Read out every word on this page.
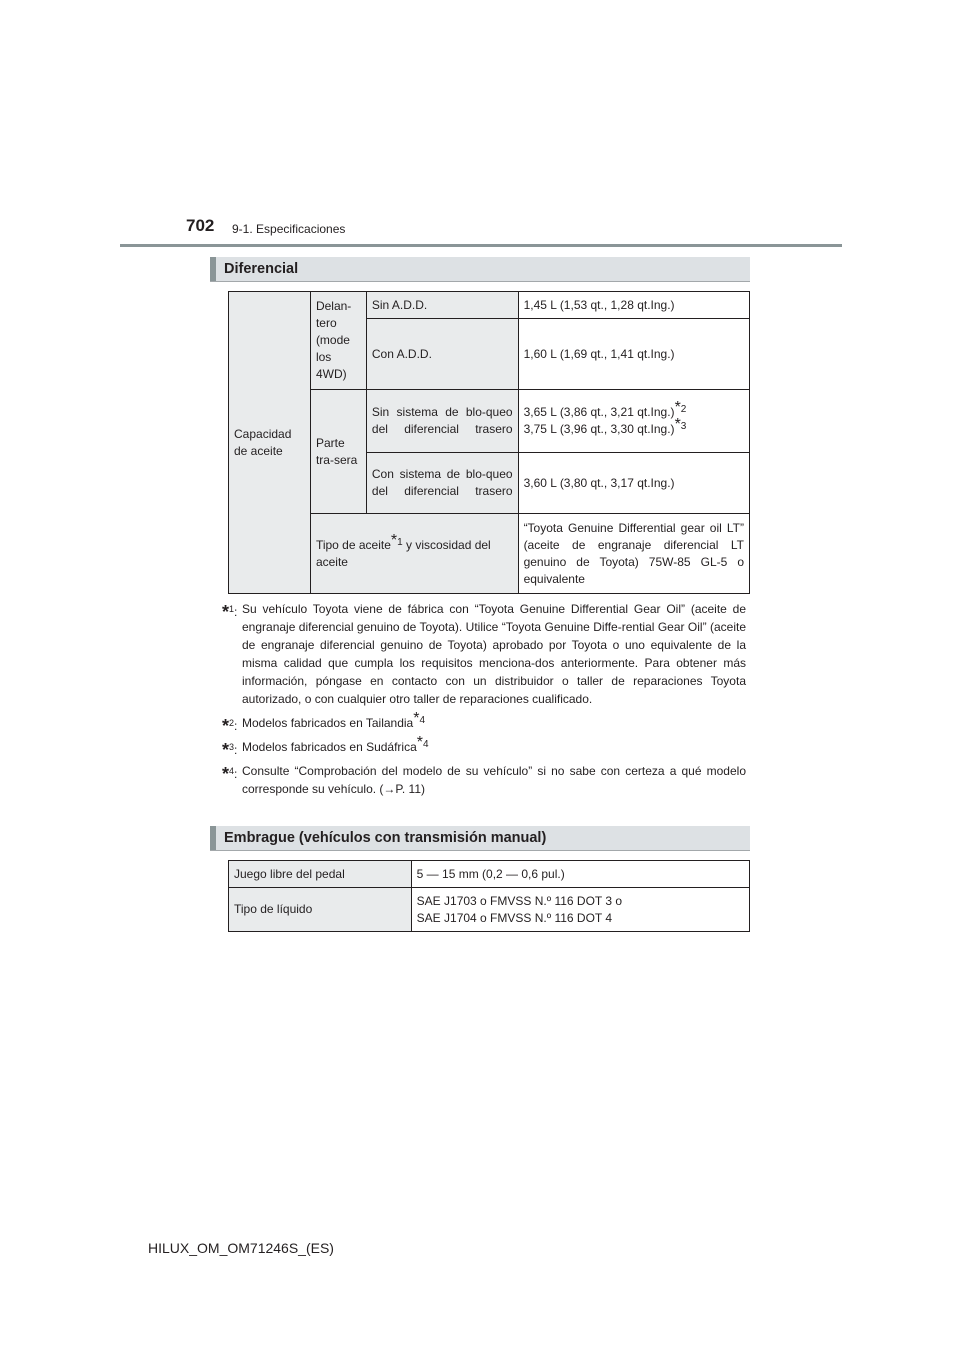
702 9-1. Especificaciones
Diferencial
Capacidad de aceite	Delan-tero (mode los 4WD)	Sin A.D.D.	1,45 L (1,53 qt., 1,28 qt.Ing.)
		Con A.D.D.	1,60 L (1,69 qt., 1,41 qt.Ing.)
	Parte tra-sera	Sin sistema de blo-queo del diferencial trasero	3,65 L (3,86 qt., 3,21 qt.Ing.)$^{*2}$
3,75 L (3,96 qt., 3,30 qt.Ing.)$^{*3}$
		Con sistema de blo-queo del diferencial trasero	3,60 L (3,80 qt., 3,17 qt.Ing.)
	Tipo de aceite$^{*1}$ y viscosidad del aceite		“Toyota Genuine Differential gear oil LT” (aceite de engranaje diferencial LT genuino de Toyota) 75W-85 GL-5 o equivalente
*$^1$: Su vehículo Toyota viene de fábrica con “Toyota Genuine Differential Gear Oil” (aceite de engranaje diferencial genuino de Toyota). Utilice “Toyota Genuine Diffe-rential Gear Oil” (aceite de engranaje diferencial genuino de Toyota) aprobado por Toyota o uno equivalente de la misma calidad que cumpla los requisitos menciona-dos anteriormente. Para obtener más información, póngase en contacto con un distribuidor o taller de reparaciones Toyota autorizado, o con cualquier otro taller de reparaciones cualificado.
*$^2$: Modelos fabricados en Tailandia$^{*4}$
*$^3$: Modelos fabricados en Sudáfrica$^{*4}$
*$^4$: Consulte “Comprobación del modelo de su vehículo” si no sabe con certeza a qué modelo corresponde su vehículo. (→P. 11)
Embrague (vehículos con transmisión manual)
Juego libre del pedal	5 — 15 mm (0,2 — 0,6 pul.)
Tipo de líquido	SAE J1703 o FMVSS N.º 116 DOT 3 o
SAE J1704 o FMVSS N.º 116 DOT 4
HILUX_OM_OM71246S_(ES)
